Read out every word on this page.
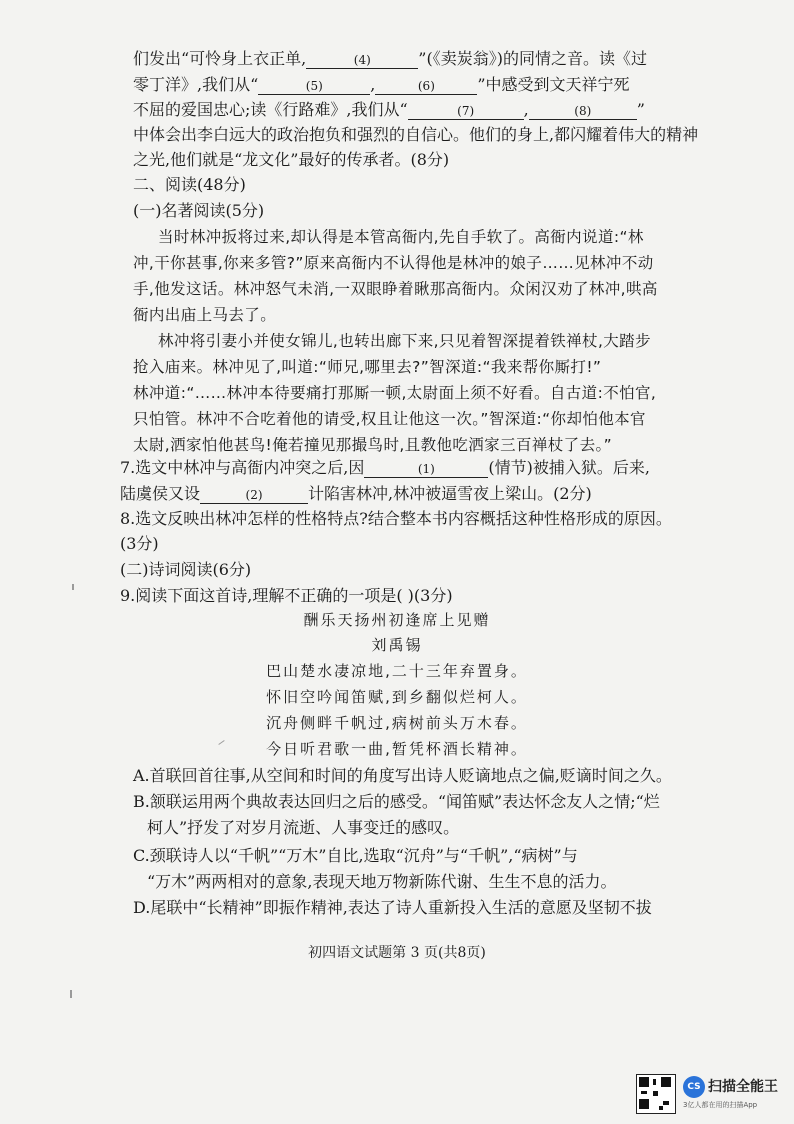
们发出“可怜身上衣正单,	(4)	”(《卖炭翁》)的同情之音。读《过
零丁洋》,我们从“	(5)	,	(6)	”中感受到文天祥宁死
不屈的爱国忠心;读《行路难》,我们从“	(7)	,	(8)	”
中体会出李白远大的政治抱负和强烈的自信心。他们的身上,都闪耀着伟大的精神
之光,他们就是“龙文化”最好的传承者。(8分)
二、阅读(48分)
(一)名著阅读(5分)
当时林冲扳将过来,却认得是本管高衙内,先自手软了。高衙内说道:“林
冲,干你甚事,你来多管?”原来高衙内不认得他是林冲的娘子……见林冲不动
手,他发这话。林冲怒气未消,一双眼睁着瞅那高衙内。众闲汉劝了林冲,哄高
衙内出庙上马去了。
林冲将引妻小并使女锦儿,也转出廊下来,只见着智深提着铁禅杖,大踏步
抢入庙来。林冲见了,叫道:“师兄,哪里去?”智深道:“我来帮你厮打!”
林冲道:“……林冲本待要痛打那厮一顿,太尉面上须不好看。自古道:不怕官,
只怕管。林冲不合吃着他的请受,权且让他这一次。”智深道:“你却怕他本官
太尉,洒家怕他甚鸟!俺若撞见那撮鸟时,且教他吃洒家三百禅杖了去。”
7.选文中林冲与高衙内冲突之后,因	(1)	(情节)被捕入狱。后来,
陆虞侯又设	(2)	计陷害林冲,林冲被逼雪夜上梁山。(2分)
8.选文反映出林冲怎样的性格特点?结合整本书内容概括这种性格形成的原因。
(3分)
(二)诗词阅读(6分)
9.阅读下面这首诗,理解不正确的一项是( )(3分)
酬乐天扬州初逢席上见赠
刘禹锡
巴山楚水凄凉地,二十三年弃置身。
怀旧空吟闻笛赋,到乡翻似烂柯人。
沉舟侧畔千帆过,病树前头万木春。
今日听君歌一曲,暂凭杯酒长精神。
A.首联回首往事,从空间和时间的角度写出诗人贬谪地点之偏,贬谪时间之久。
B.颔联运用两个典故表达回归之后的感受。“闻笛赋”表达怀念友人之情;“烂
柯人”抒发了对岁月流逝、人事变迁的感叹。
C.颈联诗人以“千帆”“万木”自比,选取“沉舟”与“千帆”,“病树”与
“万木”两两相对的意象,表现天地万物新陈代谢、生生不息的活力。
D.尾联中“长精神”即振作精神,表达了诗人重新投入生活的意愿及坚韧不拔
初四语文试题第 3 页(共8页)
CS 扫描全能王
3亿人都在用的扫描App
